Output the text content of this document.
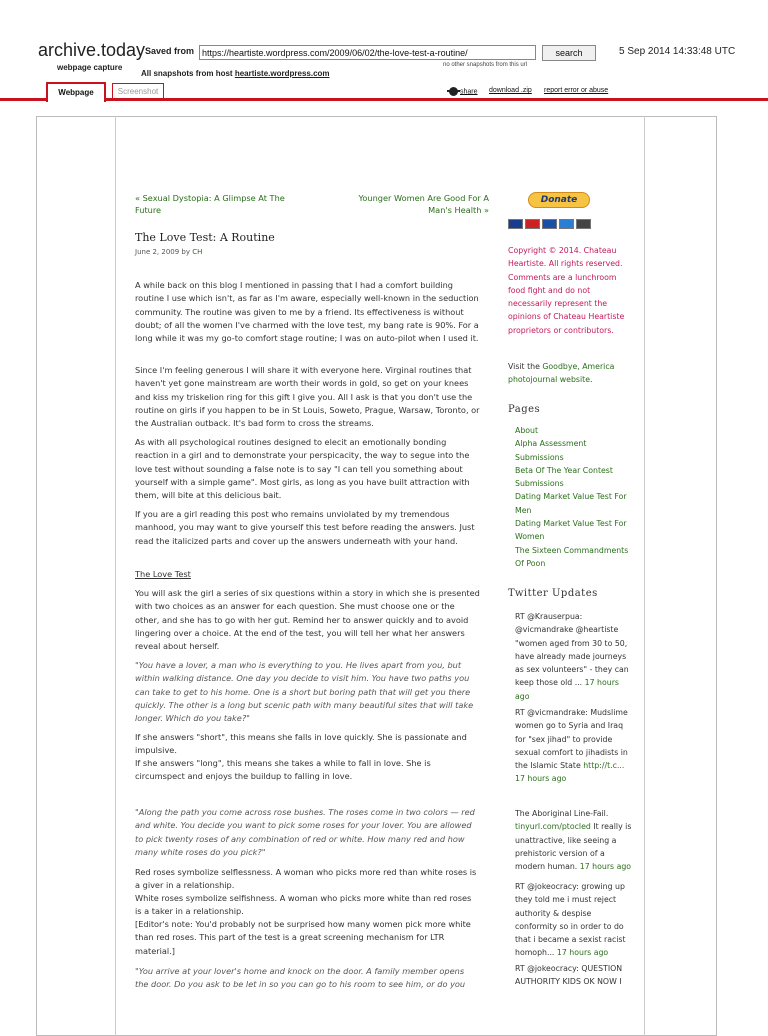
archive.today
webpage capture
Saved from
https://heartiste.wordpress.com/2009/06/02/the-love-test-a-routine/
no other snapshots from this url
search	5 Sep 2014 14:33:48 UTC
All snapshots from host heartiste.wordpress.com
Webpage	Screenshot	share download .zip report error or abuse
« Sexual Dystopia: A Glimpse At The Future
Younger Women Are Good For A Man's Health »
The Love Test: A Routine
June 2, 2009 by CH

A while back on this blog I mentioned in passing that I had a comfort building routine I use which isn't, as far as I'm aware, especially well-known in the seduction community. The routine was given to me by a friend. Its effectiveness is without doubt; of all the women I've charmed with the love test, my bang rate is 90%. For a long while it was my go-to comfort stage routine; I was on auto-pilot when I used it.

Since I'm feeling generous I will share it with everyone here. Virginal routines that haven't yet gone mainstream are worth their words in gold, so get on your knees and kiss my triskelion ring for this gift I give you. All I ask is that you don't use the routine on girls if you happen to be in St Louis, Soweto, Prague, Warsaw, Toronto, or the Australian outback. It's bad form to cross the streams.

As with all psychological routines designed to elecit an emotionally bonding reaction in a girl and to demonstrate your perspicacity, the way to segue into the love test without sounding a false note is to say "I can tell you something about yourself with a simple game". Most girls, as long as you have built attraction with them, will bite at this delicious bait.

If you are a girl reading this post who remains unviolated by my tremendous manhood, you may want to give yourself this test before reading the answers. Just read the italicized parts and cover up the answers underneath with your hand.

The Love Test

You will ask the girl a series of six questions within a story in which she is presented with two choices as an answer for each question. She must choose one or the other, and she has to go with her gut. Remind her to answer quickly and to avoid lingering over a choice. At the end of the test, you will tell her what her answers reveal about herself.

"You have a lover, a man who is everything to you. He lives apart from you, but within walking distance. One day you decide to visit him. You have two paths you can take to get to his home. One is a short but boring path that will get you there quickly. The other is a long but scenic path with many beautiful sites that will take longer. Which do you take?"

If she answers "short", this means she falls in love quickly. She is passionate and impulsive.

If she answers "long", this means she takes a while to fall in love. She is circumspect and enjoys the buildup to falling in love.

"Along the path you come across rose bushes. The roses come in two colors — red and white. You decide you want to pick some roses for your lover. You are allowed to pick twenty roses of any combination of red or white. How many red and how many white roses do you pick?"

Red roses symbolize selflessness. A woman who picks more red than white roses is a giver in a relationship.

White roses symbolize selfishness. A woman who picks more white than red roses is a taker in a relationship.

[Editor's note: You'd probably not be surprised how many women pick more white than red roses. This part of the test is a great screening mechanism for LTR material.]

"You arrive at your lover's home and knock on the door. A family member opens the door. Do you ask to be let in so you can go to his room to see him, or do you

Donate
Copyright © 2014. Chateau Heartiste. All rights reserved. Comments are a lunchroom food fight and do not necessarily represent the opinions of Chateau Heartiste proprietors or contributors.
Visit the Goodbye, America photojournal website.
Pages
About
Alpha Assessment Submissions
Beta Of The Year Contest Submissions
Dating Market Value Test For Men
Dating Market Value Test For Women
The Sixteen Commandments Of Poon
Twitter Updates
RT @Krauserpua: @vicmandrake @heartiste "women aged from 30 to 50, have already made journeys as sex volunteers" - they can keep those old ... 17 hours ago
RT @vicmandrake: Mudslime women go to Syria and Iraq for "sex jihad" to provide sexual comfort to jihadists in the Islamic State http://t.c... 17 hours ago
The Aboriginal Line-Fail. tinyurl.com/ptocled It really is unattractive, like seeing a prehistoric version of a modern human. 17 hours ago
RT @jokeocracy: growing up they told me i must reject authority & despise conformity so in order to do that i became a sexist racist homoph... 17 hours ago
RT @jokeocracy: QUESTION AUTHORITY KIDS OK NOW I
